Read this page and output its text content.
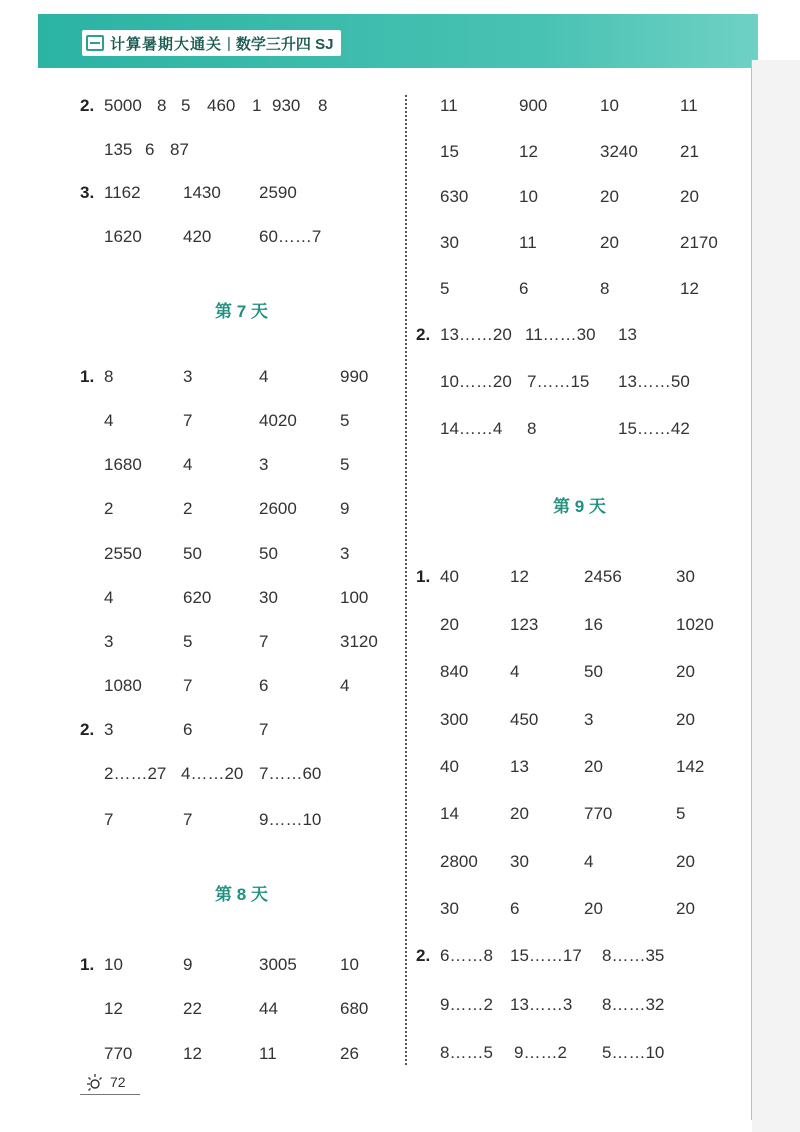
计算暑期大通关 | 数学三升四 SJ
2. 5000 8 5 460 1 930 8
135 6 87
3. 1162 1430 2590
1620 420	60……7
第 7 天
1. 8	3	4	990
4	7	4020	5
1680 4	3	5
2	2	2600	9
2550 50	50	3
4	620	30	100
3	5	7	3120
1080 7	6	4
2. 3	6	7
2……27 4……20 7……60
7	7	9……10
第 8 天
1. 10	9	3005	10
12	22	44	680
770	12	11	26
11	900	10	11
15	12	3240 21
630	10	20	20
30	11	20	2170
5	6	8	12
2. 13……20 11……30 13
10……20 7……15 13……50
14……4 8	15……42
第 9 天
1. 40	12	2456	30
20	123	16	1020
840 4	50	20
300 450	3	20
40	13	20	142
14	20	770	5
2800 30	4	20
30	6	20	20
2. 6……8 15……17 8……35
9……2 13……3 8……32
8……5 9……2 5……10
72
